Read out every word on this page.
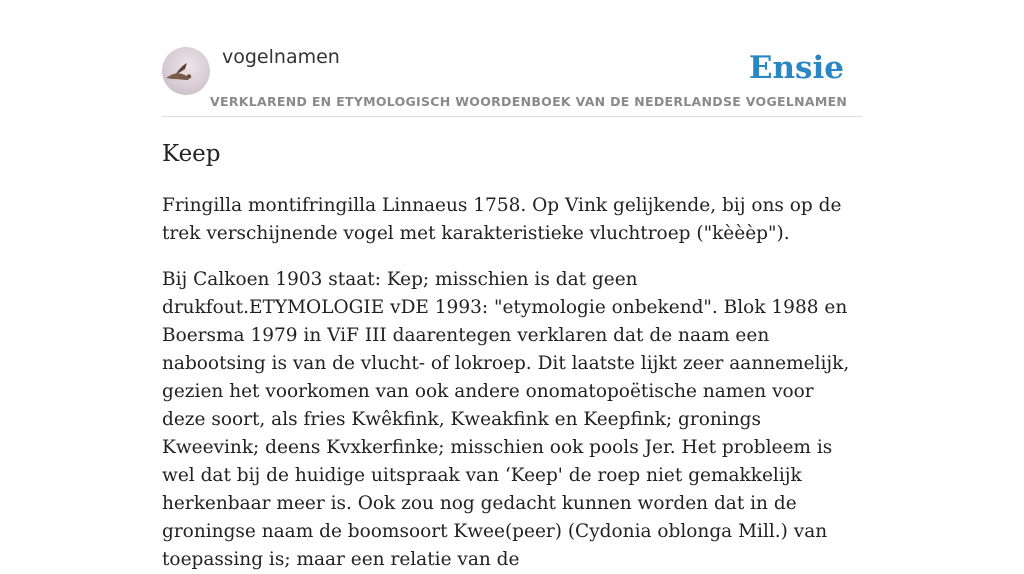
vogelnamen
VERKLAREND EN ETYMOLOGISCH WOORDENBOEK VAN DE NEDERLANDSE VOGELNAMEN
Ensie
Keep

Fringilla montifringilla Linnaeus 1758. Op Vink gelijkende, bij ons op de trek verschijnende vogel met karakteristieke vluchtroep ("kèèèp").

Bij Calkoen 1903 staat: Kep; misschien is dat geen drukfout.ETYMOLOGIE vDE 1993: "etymologie onbekend". Blok 1988 en Boersma 1979 in ViF III daarentegen verklaren dat de naam een nabootsing is van de vlucht- of lokroep. Dit laatste lijkt zeer aannemelijk, gezien het voorkomen van ook andere onomatopoëtische namen voor deze soort, als fries Kwêkfink, Kweakfink en Keepfink; gronings Kweevink; deens Kvxkerfinke; misschien ook pools Jer. Het probleem is wel dat bij de huidige uitspraak van ‘Keep' de roep niet gemakkelijk herkenbaar meer is. Ook zou nog gedacht kunnen worden dat in de groningse naam de boomsoort Kwee(peer) (Cydonia oblonga Mill.) van toepassing is; maar een relatie van de
